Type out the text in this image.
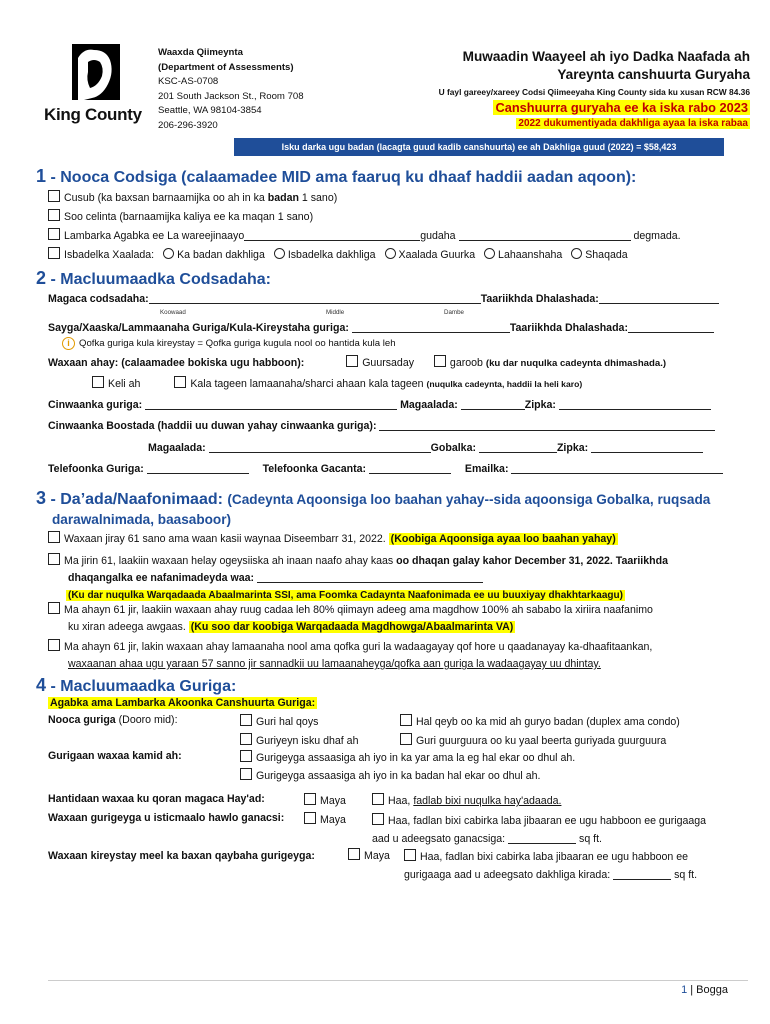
King County
Waaxda Qiimeynta
(Department of Assessments)
KSC-AS-0708
201 South Jackson St., Room 708
Seattle, WA 98104-3854
206-296-3920
Muwaadin Waayeel ah iyo Dadka Naafada ah
Yareynta canshuurta Guryaha
U fayl gareey/xareey Codsi Qiimeeyaha King County sida ku xusan RCW 84.36
Canshuurra guryaha ee ka iska rabo 2023
2022 dukumentiyada dakhliga ayaa la iska rabaa
Isku darka ugu badan (lacagta guud kadib canshuurta) ee ah Dakhliga guud (2022) = $58,423
1 - Nooca Codsiga (calaamadee MID ama faaruq ku dhaaf haddii aadan aqoon):
Cusub (ka baxsan barnaamijka oo ah in ka badan 1 sano)
Soo celinta (barnaamijka kaliya ee ka maqan 1 sano)
Lambarka Agabka ee La wareejinaayo	gudaha	degmada.
Isbadelka Xaalada: Ka badan dakhliga Isbadelka dakhliga Xaalada Guurka Lahaanshaha Shaqada
2 - Macluumaadka Codsadaha:
Magaca codsadaha:	Taariikhda Dhalashada:
Koowaad	Middle	Dambe
Sayga/Xaaska/Lammaanaha Guriga/Kula-Kireystaha guriga:	Taariikhda Dhalashada:
i Qofka guriga kula kireystay = Qofka guriga kugula nool oo hantida kula leh
Waxaan ahay: (calaamadee bokiska ugu habboon):	Guursaday	garoob (ku dar nuqulka cadeynta dhimashada.)
Keli ah	Kala tageen lamaanaha/sharci ahaan kala tageen (nuqulka cadeynta, haddii la heli karo)
Cinwaanka guriga:	Magaalada:	Zipka:
Cinwaanka Boostada (haddii uu duwan yahay cinwaanka guriga):
Magaalada:	Gobalka:	Zipka:
Telefoonka Guriga:	Telefoonka Gacanta:	Emailka:
3 - Da’ada/Naafonimaad: (Cadeynta Aqoonsiga loo baahan yahay--sida aqoonsiga Gobalka, ruqsada
darawalnimada, baasaboor)
Waxaan jiray 61 sano ama waan kasii waynaa Diseembarr 31, 2022. (Koobiga Aqoonsiga ayaa loo baahan yahay)
Ma jirin 61, laakiin waxaan helay ogeysiiska ah inaan naafo ahay kaas oo dhaqan galay kahor December 31, 2022. Taariikhda
dhaqangalka ee nafanimadeyda waa:
(Ku dar nuqulka Warqadaada Abaalmarinta SSI, ama Foomka Cadaynta Naafonimada ee uu buuxiyay dhakhtarkaagu)
Ma ahayn 61 jir, laakiin waxaan ahay ruug cadaa leh 80% qiimayn adeeg ama magdhow 100% ah sababo la xiriira naafanimo
ku xiran adeega awgaas. (Ku soo dar koobiga Warqadaada Magdhowga/Abaalmarinta VA)
Ma ahayn 61 jir, lakin waxaan ahay lamaanaha nool ama qofka guri la wadaagayay qof hore u qaadanayay ka-dhaafitaankan,
waxaanan ahaa ugu yaraan 57 sanno jir sannadkii uu lamaanaheyga/qofka aan guriga la wadaagayay uu dhintay.
4 - Macluumaadka Guriga:
Agabka ama Lambarka Akoonka Canshuurta Guriga:
Nooca guriga (Dooro mid):	Guri hal qoys	Hal qeyb oo ka mid ah guryo badan (duplex ama condo)
Guriyeyn isku dhaf ah	Guri guurguura oo ku yaal beerta guriyada guurguura
Gurigaan waxaa kamid ah:	Gurigeyga assaasiga ah iyo in ka yar ama la eg hal ekar oo dhul ah.
Gurigeyga assaasiga ah iyo in ka badan hal ekar oo dhul ah.
Hantidaan waxaa ku qoran magaca Hay'ad:	Maya	Haa, fadlab bixi nuqulka hay'adaada.
Waxaan gurigeyga u isticmaalo hawlo ganacsi:	Maya	Haa, fadlan bixi cabirka laba jibaaran ee ugu habboon ee gurigaaga
aad u adeegsato ganacsiga:	sq ft.
Waxaan kireystay meel ka baxan qaybaha gurigeyga:	Maya	Haa, fadlan bixi cabirka laba jibaaran ee ugu habboon ee
gurigaaga aad u adeegsato dakhliga kirada:	sq ft.
1 | Bogga
